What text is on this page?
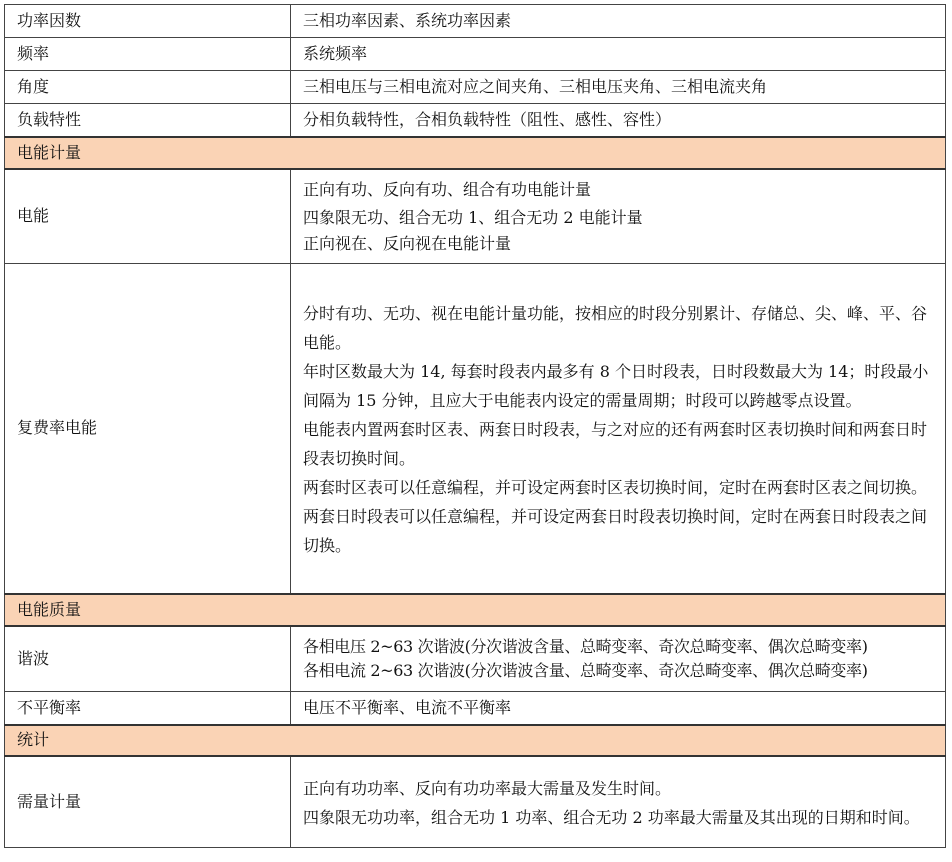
功率因数	三相功率因素、系统功率因素

频率	系统频率

角度	三相电压与三相电流对应之间夹角、三相电压夹角、三相电流夹角

负载特性	分相负载特性，合相负载特性（阻性、感性、容性）

电能计量	
电能	正向有功、反向有功、组合有功电能计量
四象限无功、组合无功 1、组合无功 2 电能计量
正向视在、反向视在电能计量

复费率电能	分时有功、无功、视在电能计量功能，按相应的时段分别累计、存储总、尖、峰、平、谷电能。
年时区数最大为 14, 每套时段表内最多有 8 个日时段表，日时段数最大为 14；时段最小间隔为 15 分钟，且应大于电能表内设定的需量周期；时段可以跨越零点设置。
电能表内置两套时区表、两套日时段表，与之对应的还有两套时区表切换时间和两套日时段表切换时间。
两套时区表可以任意编程，并可设定两套时区表切换时间，定时在两套时区表之间切换。
两套日时段表可以任意编程，并可设定两套日时段表切换时间，定时在两套日时段表之间切换。

电能质量	
谐波	各相电压 2~63 次谐波(分次谐波含量、总畸变率、奇次总畸变率、偶次总畸变率)
各相电流 2~63 次谐波(分次谐波含量、总畸变率、奇次总畸变率、偶次总畸变率)

不平衡率	电压不平衡率、电流不平衡率

统计	
需量计量	正向有功功率、反向有功功率最大需量及发生时间。
四象限无功功率，组合无功 1 功率、组合无功 2 功率最大需量及其出现的日期和时间。
